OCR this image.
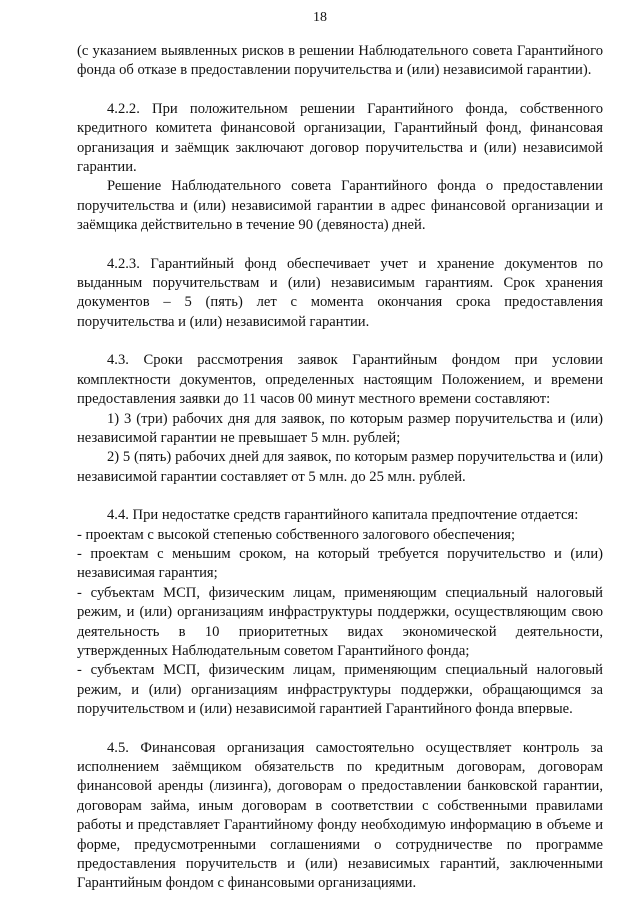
18

(с указанием выявленных рисков в решении Наблюдательного совета Гарантийного фонда об отказе в предоставлении поручительства и (или) независимой гарантии).

4.2.2. При положительном решении Гарантийного фонда, собственного кредитного комитета финансовой организации, Гарантийный фонд, финансовая организация и заёмщик заключают договор поручительства и (или) независимой гарантии.

Решение Наблюдательного совета Гарантийного фонда о предоставлении поручительства и (или) независимой гарантии в адрес финансовой организации и заёмщика действительно в течение 90 (девяноста) дней.

4.2.3. Гарантийный фонд обеспечивает учет и хранение документов по выданным поручительствам и (или) независимым гарантиям. Срок хранения документов – 5 (пять) лет с момента окончания срока предоставления поручительства и (или) независимой гарантии.

4.3. Сроки рассмотрения заявок Гарантийным фондом при условии комплектности документов, определенных настоящим Положением, и времени предоставления заявки до 11 часов 00 минут местного времени составляют:

1) 3 (три) рабочих дня для заявок, по которым размер поручительства и (или) независимой гарантии не превышает 5 млн. рублей;

2) 5 (пять) рабочих дней для заявок, по которым размер поручительства и (или) независимой гарантии составляет от 5 млн. до 25 млн. рублей.

4.4. При недостатке средств гарантийного капитала предпочтение отдается:

- проектам с высокой степенью собственного залогового обеспечения;

- проектам с меньшим сроком, на который требуется поручительство и (или) независимая гарантия;

- субъектам МСП, физическим лицам, применяющим специальный налоговый режим, и (или) организациям инфраструктуры поддержки, осуществляющим свою деятельность в 10 приоритетных видах экономической деятельности, утвержденных Наблюдательным советом Гарантийного фонда;

- субъектам МСП, физическим лицам, применяющим специальный налоговый режим, и (или) организациям инфраструктуры поддержки, обращающимся за поручительством и (или) независимой гарантией Гарантийного фонда впервые.

4.5. Финансовая организация самостоятельно осуществляет контроль за исполнением заёмщиком обязательств по кредитным договорам, договорам финансовой аренды (лизинга), договорам о предоставлении банковской гарантии, договорам займа, иным договорам в соответствии с собственными правилами работы и представляет Гарантийному фонду необходимую информацию в объеме и форме, предусмотренными соглашениями о сотрудничестве по программе предоставления поручительств и (или) независимых гарантий, заключенными Гарантийным фондом с финансовыми организациями.
